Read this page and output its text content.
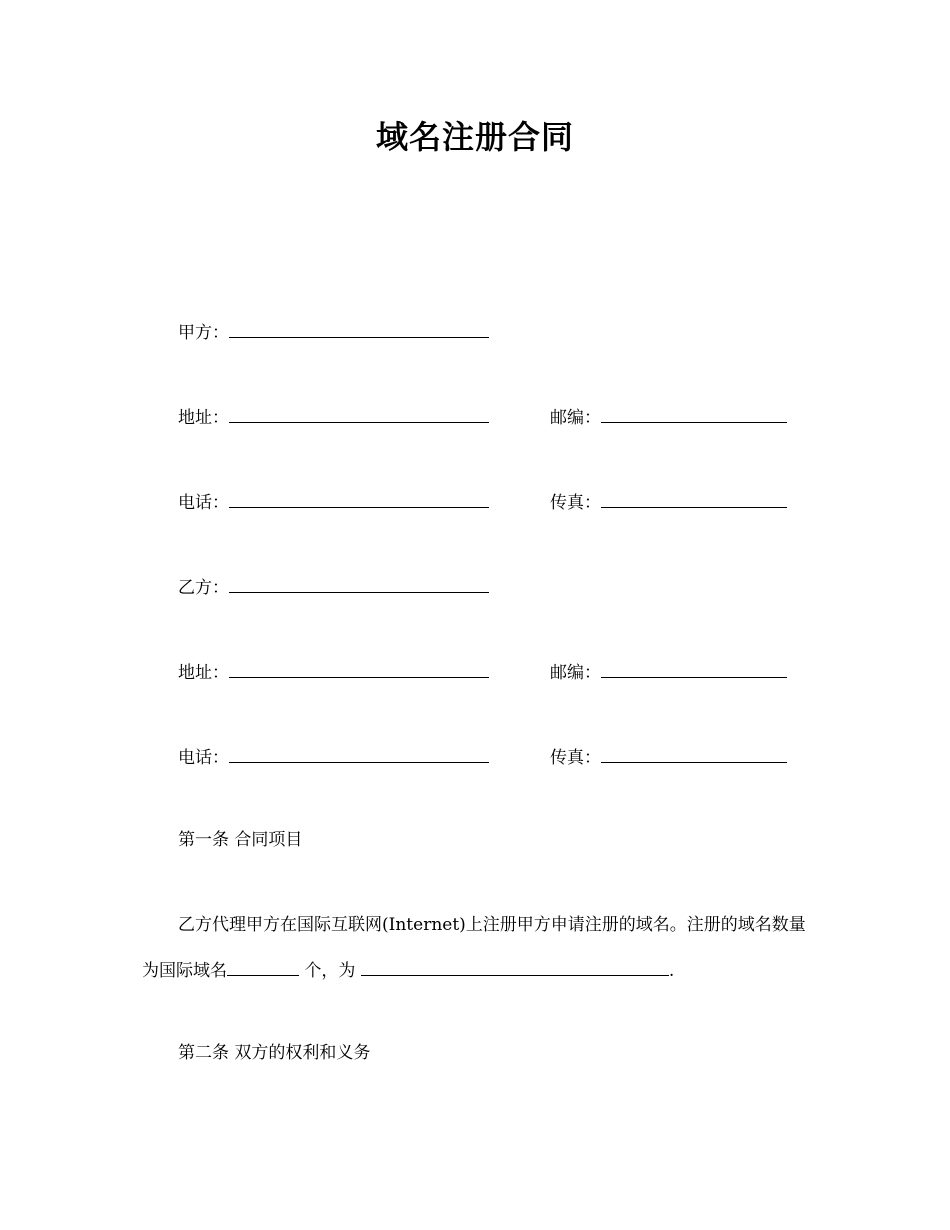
域名注册合同
甲方：
地址：	邮编：
电话：	传真：
乙方：
地址：	邮编：
电话：	传真：
第一条 合同项目
乙方代理甲方在国际互联网(Internet)上注册甲方申请注册的域名。注册的域名数量为国际域名	个，为	.
第二条 双方的权利和义务
